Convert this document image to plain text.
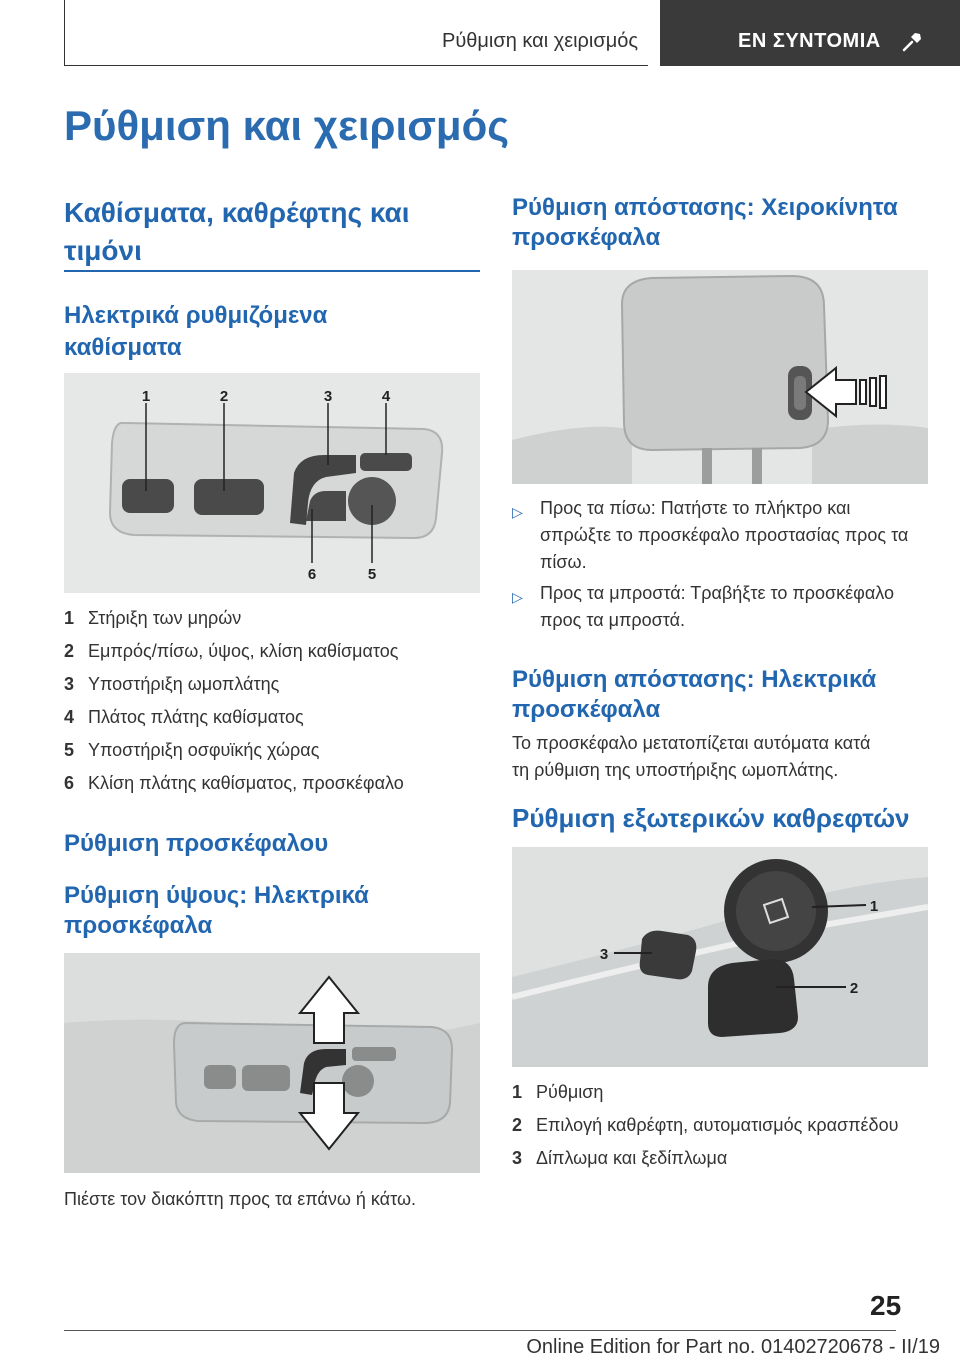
Ρύθμιση και χειρισμός	ΕΝ ΣΥΝΤΟΜΙΑ
Ρύθμιση και χειρισμός
Καθίσματα, καθρέφτης και
τιμόνι
Ηλεκτρικά ρυθμιζόμενα
καθίσματα
1	2	3	4
6	5
1 Στήριξη των μηρών
2 Εμπρός/πίσω, ύψος, κλίση καθίσματος
3 Υποστήριξη ωμοπλάτης
4 Πλάτος πλάτης καθίσματος
5 Υποστήριξη οσφυϊκής χώρας
6 Κλίση πλάτης καθίσματος, προσκέφαλο
Ρύθμιση προσκέφαλου
Ρύθμιση ύψους: Ηλεκτρικά
προσκέφαλα
Πιέστε τον διακόπτη προς τα επάνω ή κάτω.
Ρύθμιση απόστασης: Χειροκίνητα
προσκέφαλα
▷ Προς τα πίσω: Πατήστε το πλήκτρο και
σπρώξτε το προσκέφαλο προστασίας προς τα
πίσω.
▷ Προς τα μπροστά: Τραβήξτε το προσκέφαλο
προς τα μπροστά.
Ρύθμιση απόστασης: Ηλεκτρικά
προσκέφαλα
Το προσκέφαλο μετατοπίζεται αυτόματα κατά
τη ρύθμιση της υποστήριξης ωμοπλάτης.
Ρύθμιση εξωτερικών καθρεφτών
1
2
3
1 Ρύθμιση
2 Επιλογή καθρέφτη, αυτοματισμός κρασπέδου
3 Δίπλωμα και ξεδίπλωμα
25
Online Edition for Part no. 01402720678 - II/19
